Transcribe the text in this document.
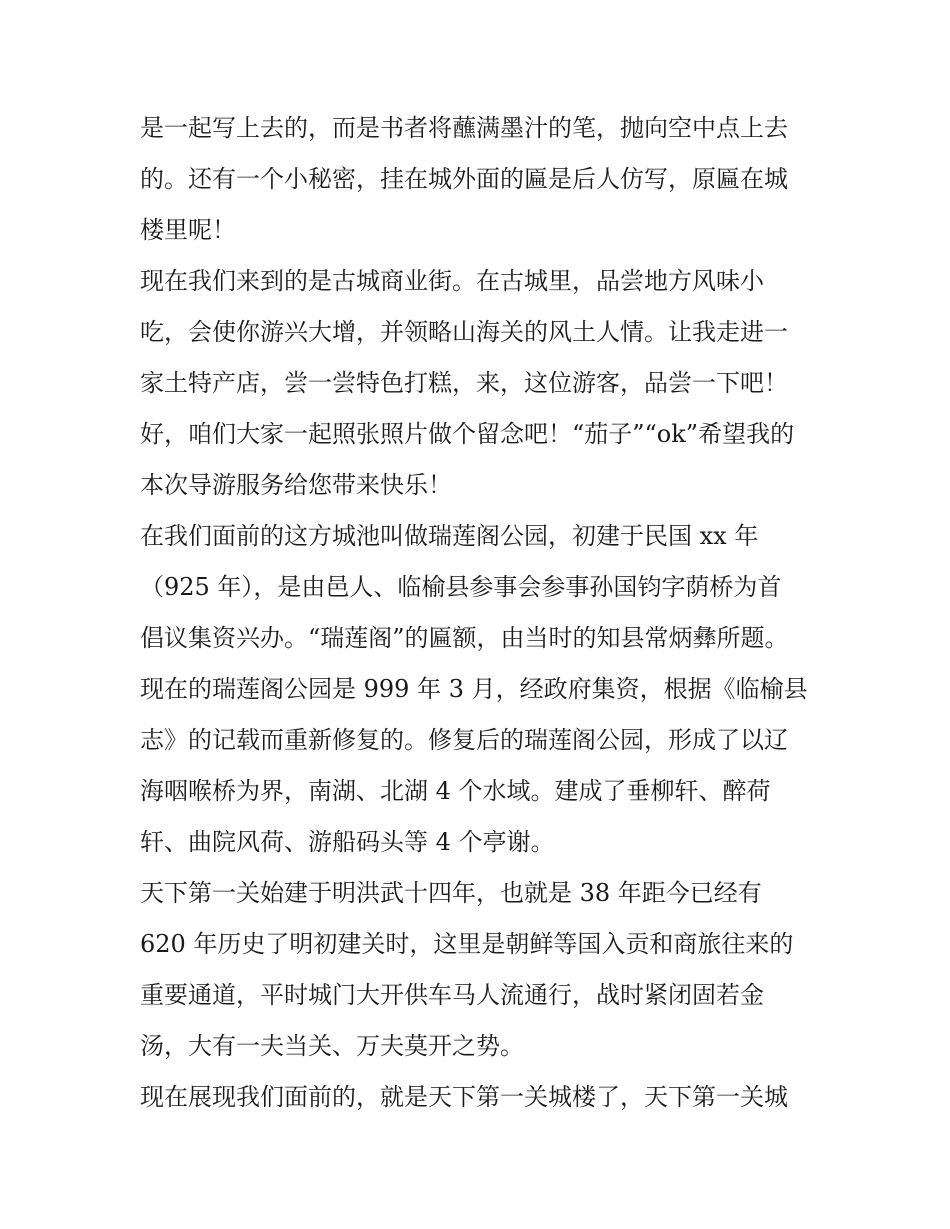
是一起写上去的，而是书者将蘸满墨汁的笔，抛向空中点上去
的。还有一个小秘密，挂在城外面的匾是后人仿写，原匾在城
楼里呢！
现在我们来到的是古城商业街。在古城里，品尝地方风味小
吃，会使你游兴大增，并领略山海关的风土人情。让我走进一
家土特产店，尝一尝特色打糕，来，这位游客，品尝一下吧！
好，咱们大家一起照张照片做个留念吧！“茄子”“ok”希望我的
本次导游服务给您带来快乐！
在我们面前的这方城池叫做瑞莲阁公园，初建于民国 xx 年
（925 年），是由邑人、临榆县参事会参事孙国钧字荫桥为首
倡议集资兴办。“瑞莲阁”的匾额，由当时的知县常炳彝所题。
现在的瑞莲阁公园是 999 年 3 月，经政府集资，根据《临榆县
志》的记载而重新修复的。修复后的瑞莲阁公园，形成了以辽
海咽喉桥为界，南湖、北湖 4 个水域。建成了垂柳轩、醉荷
轩、曲院风荷、游船码头等 4 个亭谢。
天下第一关始建于明洪武十四年，也就是 38 年距今已经有
620 年历史了明初建关时，这里是朝鲜等国入贡和商旅往来的
重要通道，平时城门大开供车马人流通行，战时紧闭固若金
汤，大有一夫当关、万夫莫开之势。
现在展现我们面前的，就是天下第一关城楼了，天下第一关城
